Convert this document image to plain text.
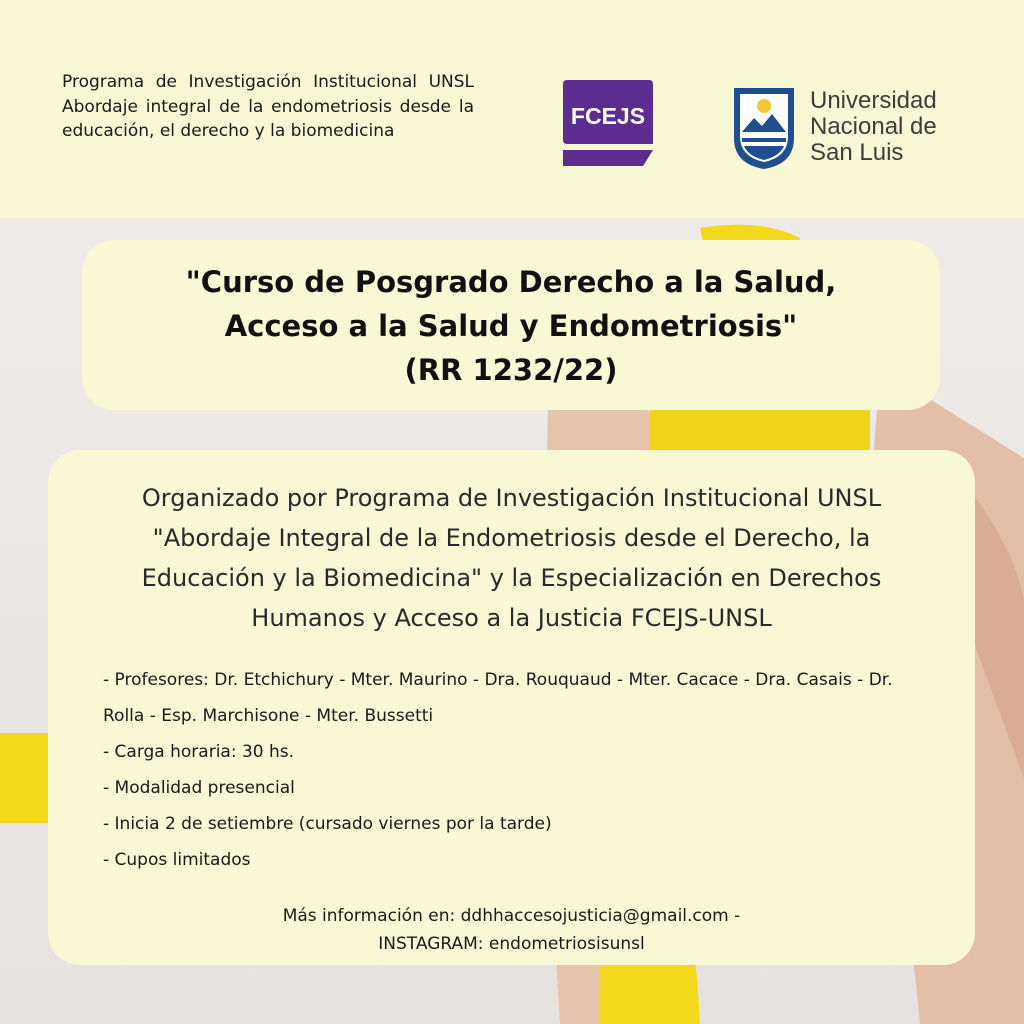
Programa de Investigación Institucional UNSL Abordaje integral de la endometriosis desde la educación, el derecho y la biomedicina

FCEJS
Universidad
Nacional de
San Luis
"Curso de Posgrado Derecho a la Salud,
Acceso a la Salud y Endometriosis"
(RR 1232/22)

Organizado por Programa de Investigación Institucional UNSL "Abordaje Integral de la Endometriosis desde el Derecho, la Educación y la Biomedicina" y la Especialización en Derechos Humanos y Acceso a la Justicia FCEJS-UNSL

- Profesores: Dr. Etchichury - Mter. Maurino - Dra. Rouquaud - Mter. Cacace - Dra. Casais - Dr. Rolla - Esp. Marchisone - Mter. Bussetti
- Carga horaria: 30 hs.
- Modalidad presencial
- Inicia 2 de setiembre (cursado viernes por la tarde)
- Cupos limitados
Más información en: ddhhaccesojusticia@gmail.com -
INSTAGRAM: endometriosisunsl
